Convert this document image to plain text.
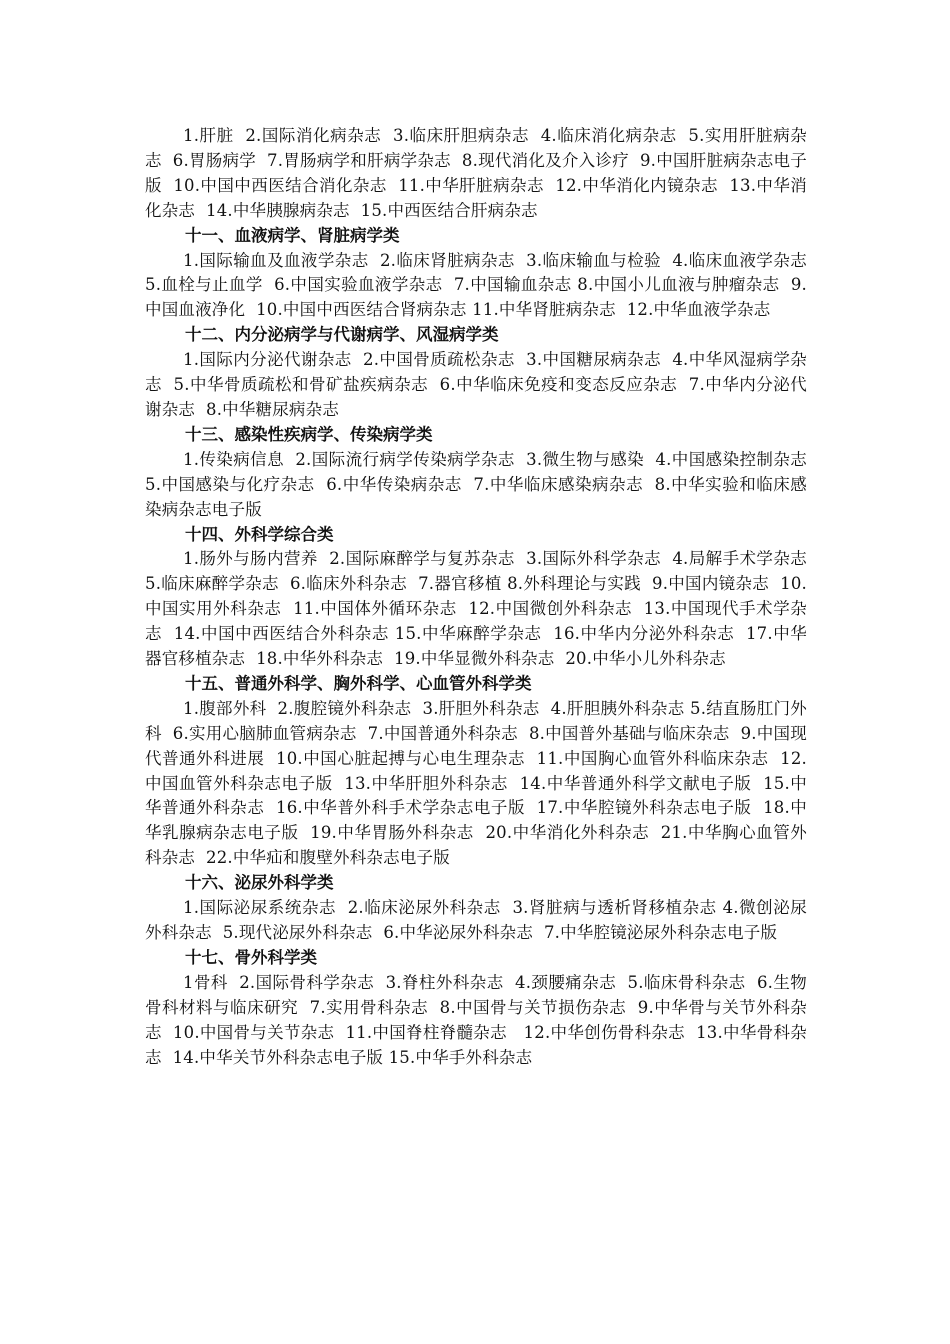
1.肝脏  2.国际消化病杂志  3.临床肝胆病杂志  4.临床消化病杂志  5.实用肝脏病杂志  6.胃肠病学  7.胃肠病学和肝病学杂志  8.现代消化及介入诊疗  9.中国肝脏病杂志电子版  10.中国中西医结合消化杂志  11.中华肝脏病杂志  12.中华消化内镜杂志  13.中华消化杂志  14.中华胰腺病杂志  15.中西医结合肝病杂志

十一、血液病学、肾脏病学类

1.国际输血及血液学杂志  2.临床肾脏病杂志  3.临床输血与检验  4.临床血液学杂志  5.血栓与止血学  6.中国实验血液学杂志  7.中国输血杂志 8.中国小儿血液与肿瘤杂志  9.中国血液净化  10.中国中西医结合肾病杂志 11.中华肾脏病杂志  12.中华血液学杂志

十二、内分泌病学与代谢病学、风湿病学类

1.国际内分泌代谢杂志  2.中国骨质疏松杂志  3.中国糖尿病杂志  4.中华风湿病学杂志  5.中华骨质疏松和骨矿盐疾病杂志  6.中华临床免疫和变态反应杂志  7.中华内分泌代谢杂志  8.中华糖尿病杂志

十三、感染性疾病学、传染病学类

1.传染病信息  2.国际流行病学传染病学杂志  3.微生物与感染  4.中国感染控制杂志  5.中国感染与化疗杂志  6.中华传染病杂志  7.中华临床感染病杂志  8.中华实验和临床感染病杂志电子版

十四、外科学综合类

1.肠外与肠内营养  2.国际麻醉学与复苏杂志  3.国际外科学杂志  4.局解手术学杂志  5.临床麻醉学杂志  6.临床外科杂志  7.器官移植 8.外科理论与实践  9.中国内镜杂志  10.中国实用外科杂志  11.中国体外循环杂志  12.中国微创外科杂志  13.中国现代手术学杂志  14.中国中西医结合外科杂志 15.中华麻醉学杂志  16.中华内分泌外科杂志  17.中华器官移植杂志  18.中华外科杂志  19.中华显微外科杂志  20.中华小儿外科杂志

十五、普通外科学、胸外科学、心血管外科学类

1.腹部外科  2.腹腔镜外科杂志  3.肝胆外科杂志  4.肝胆胰外科杂志 5.结直肠肛门外科  6.实用心脑肺血管病杂志  7.中国普通外科杂志  8.中国普外基础与临床杂志  9.中国现代普通外科进展  10.中国心脏起搏与心电生理杂志  11.中国胸心血管外科临床杂志  12.中国血管外科杂志电子版  13.中华肝胆外科杂志  14.中华普通外科学文献电子版  15.中华普通外科杂志  16.中华普外科手术学杂志电子版  17.中华腔镜外科杂志电子版  18.中华乳腺病杂志电子版  19.中华胃肠外科杂志  20.中华消化外科杂志  21.中华胸心血管外科杂志  22.中华疝和腹壁外科杂志电子版

十六、泌尿外科学类

1.国际泌尿系统杂志  2.临床泌尿外科杂志  3.肾脏病与透析肾移植杂志 4.微创泌尿外科杂志  5.现代泌尿外科杂志  6.中华泌尿外科杂志  7.中华腔镜泌尿外科杂志电子版

十七、骨外科学类

1骨科  2.国际骨科学杂志  3.脊柱外科杂志  4.颈腰痛杂志  5.临床骨科杂志  6.生物骨科材料与临床研究  7.实用骨科杂志  8.中国骨与关节损伤杂志  9.中华骨与关节外科杂志  10.中国骨与关节杂志  11.中国脊柱脊髓杂志   12.中华创伤骨科杂志  13.中华骨科杂志  14.中华关节外科杂志电子版 15.中华手外科杂志
